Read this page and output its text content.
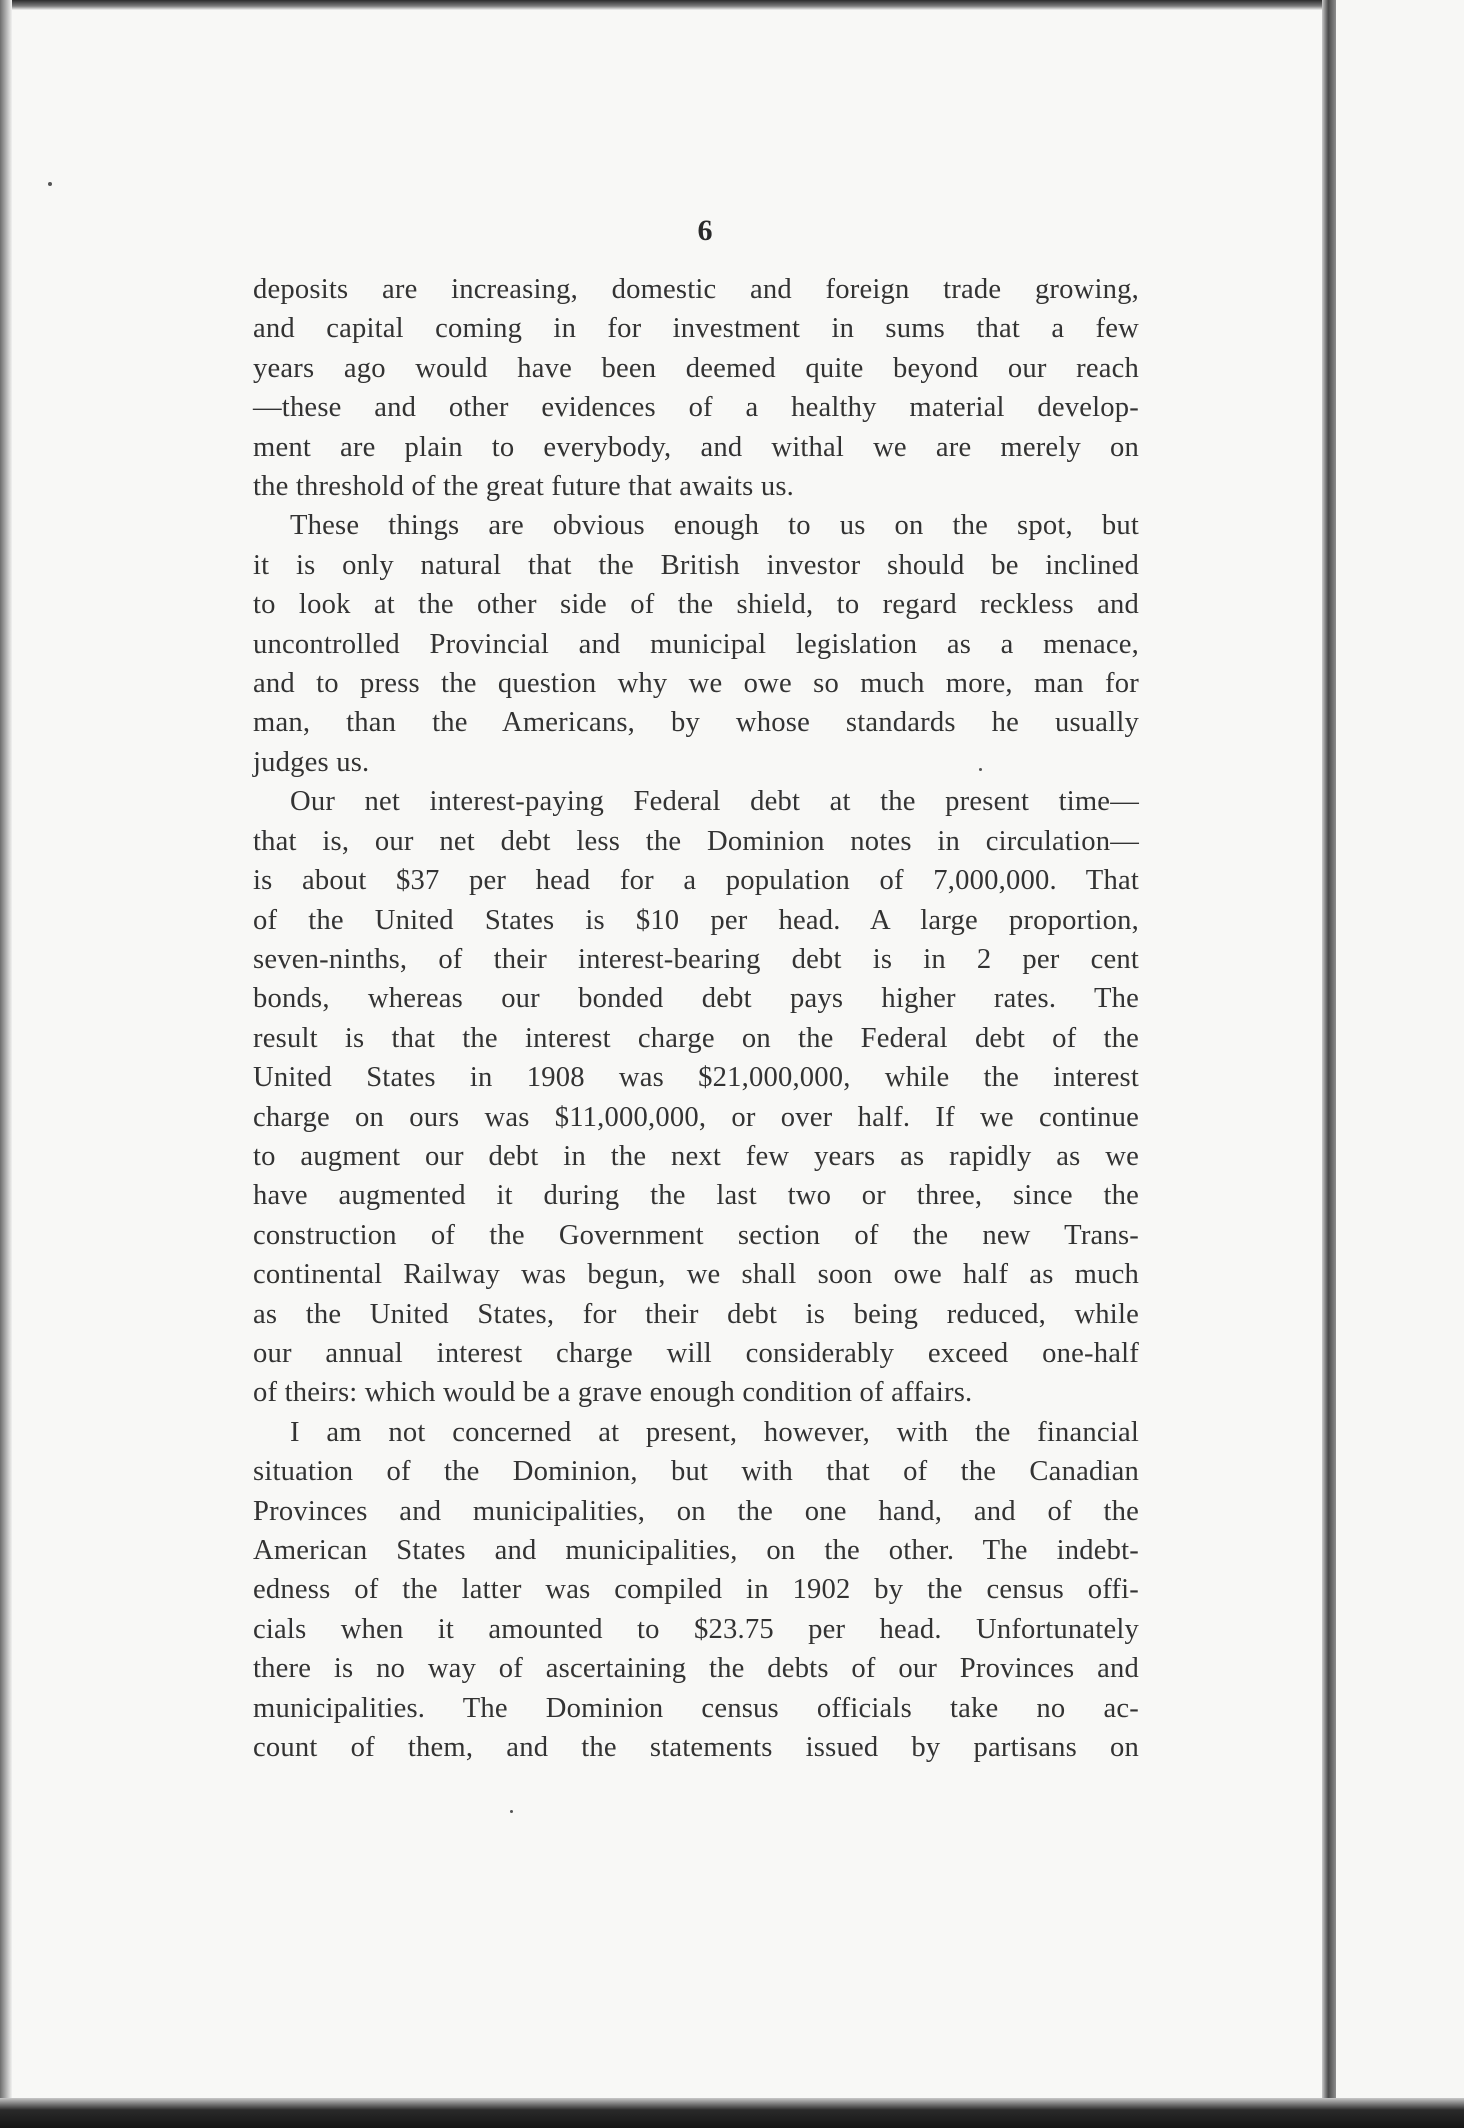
6

deposits are increasing, domestic and foreign trade growing,

and capital coming in for investment in sums that a few

years ago would have been deemed quite beyond our reach

—these and other evidences of a healthy material develop-

ment are plain to everybody, and withal we are merely on

the threshold of the great future that awaits us.

These things are obvious enough to us on the spot, but

it is only natural that the British investor should be inclined

to look at the other side of the shield, to regard reckless and

uncontrolled Provincial and municipal legislation as a menace,

and to press the question why we owe so much more, man for

man, than the Americans, by whose standards he usually

judges us.

Our net interest-paying Federal debt at the present time—

that is, our net debt less the Dominion notes in circulation—

is about $37 per head for a population of 7,000,000. That

of the United States is $10 per head. A large proportion,

seven-ninths, of their interest-bearing debt is in 2 per cent

bonds, whereas our bonded debt pays higher rates. The

result is that the interest charge on the Federal debt of the

United States in 1908 was $21,000,000, while the interest

charge on ours was $11,000,000, or over half. If we continue

to augment our debt in the next few years as rapidly as we

have augmented it during the last two or three, since the

construction of the Government section of the new Trans-

continental Railway was begun, we shall soon owe half as much

as the United States, for their debt is being reduced, while

our annual interest charge will considerably exceed one-half

of theirs: which would be a grave enough condition of affairs.

I am not concerned at present, however, with the financial

situation of the Dominion, but with that of the Canadian

Provinces and municipalities, on the one hand, and of the

American States and municipalities, on the other. The indebt-

edness of the latter was compiled in 1902 by the census offi-

cials when it amounted to $23.75 per head. Unfortunately

there is no way of ascertaining the debts of our Provinces and

municipalities. The Dominion census officials take no ac-

count of them, and the statements issued by partisans on
